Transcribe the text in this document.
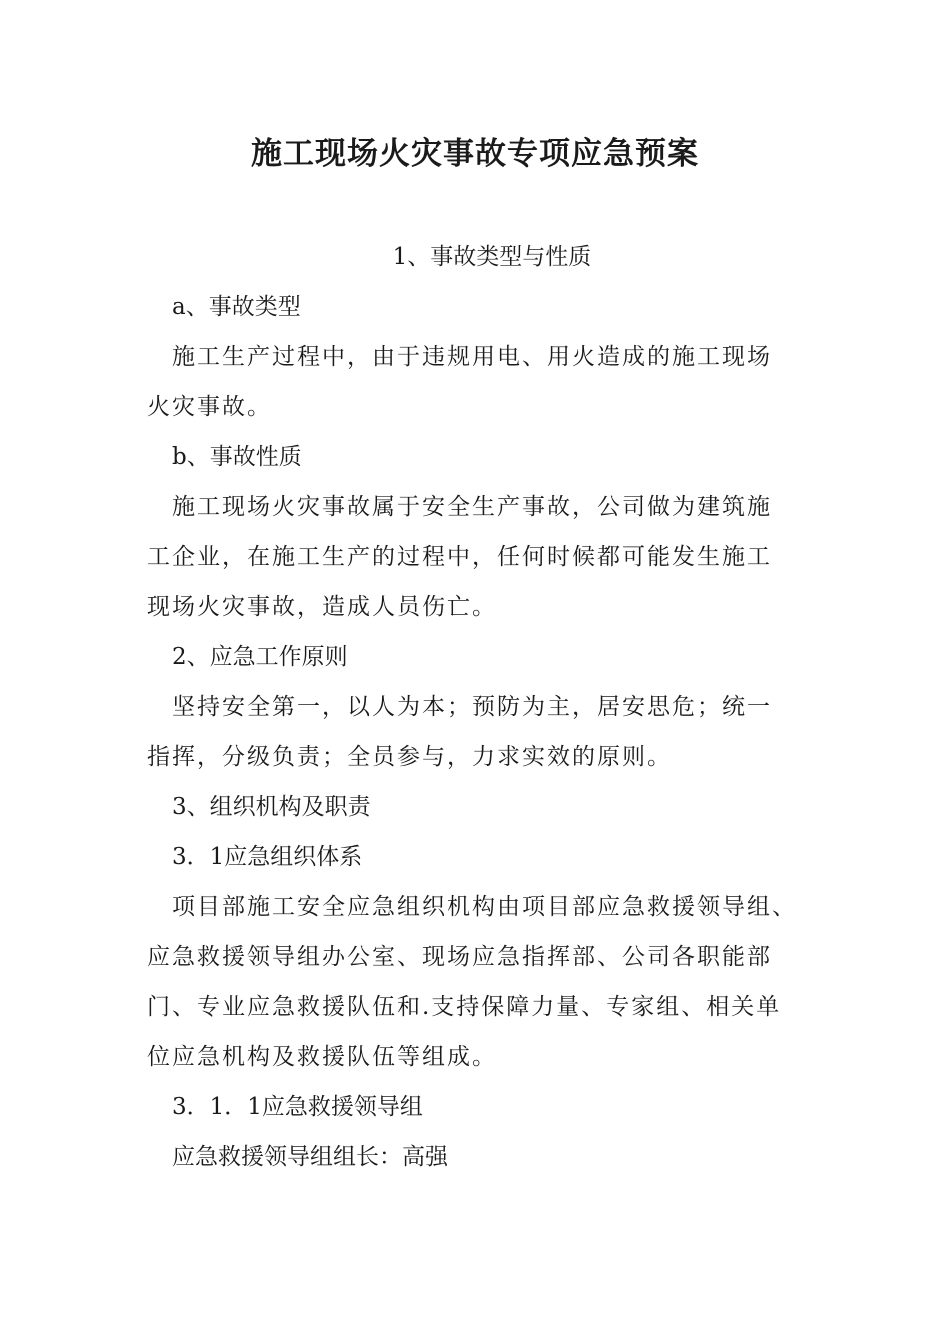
施工现场火灾事故专项应急预案

1、事故类型与性质

a、事故类型

施工生产过程中，由于违规用电、用火造成的施工现场

火灾事故。

b、事故性质

施工现场火灾事故属于安全生产事故，公司做为建筑施

工企业，在施工生产的过程中，任何时候都可能发生施工

现场火灾事故，造成人员伤亡。

2、应急工作原则

坚持安全第一，以人为本；预防为主，居安思危；统一

指挥，分级负责；全员参与，力求实效的原则。

3、组织机构及职责

3．1应急组织体系

项目部施工安全应急组织机构由项目部应急救援领导组、

应急救援领导组办公室、现场应急指挥部、公司各职能部

门、专业应急救援队伍和.支持保障力量、专家组、相关单

位应急机构及救援队伍等组成。

3．1．1应急救援领导组

应急救援领导组组长：高强
